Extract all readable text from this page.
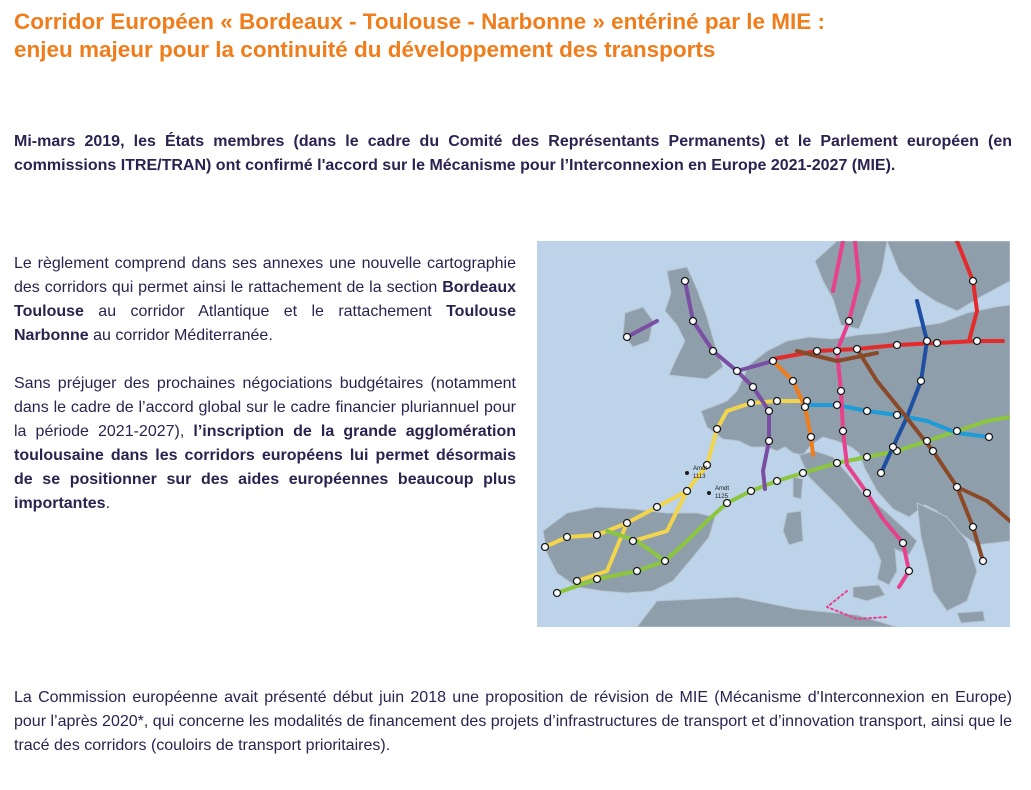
Corridor Européen « Bordeaux - Toulouse - Narbonne » entériné par le MIE :
enjeu majeur pour la continuité du développement des transports

Mi-mars 2019, les États membres (dans le cadre du Comité des Représentants Permanents) et le Parlement européen (en commissions ITRE/TRAN) ont confirmé l'accord sur le Mécanisme pour l’Interconnexion en Europe 2021-2027 (MIE).

Le règlement comprend dans ses annexes une nouvelle cartographie des corridors qui permet ainsi le rattachement de la section Bordeaux Toulouse au corridor Atlantique et le rattachement Toulouse Narbonne au corridor Méditerranée.

Sans préjuger des prochaines négociations budgétaires (notamment dans le cadre de l’accord global sur le cadre financier pluriannuel pour la période 2021-2027), l’inscription de la grande agglomération toulousaine dans les corridors européens lui permet désormais de se positionner sur des aides européennes beaucoup plus importantes.

Amdt
1113
Amdt
1125

La Commission européenne avait présenté début juin 2018 une proposition de révision de MIE (Mécanisme d'Interconnexion en Europe) pour l’après 2020*, qui concerne les modalités de financement des projets d’infrastructures de transport et d’innovation transport, ainsi que le tracé des corridors (couloirs de transport prioritaires).
